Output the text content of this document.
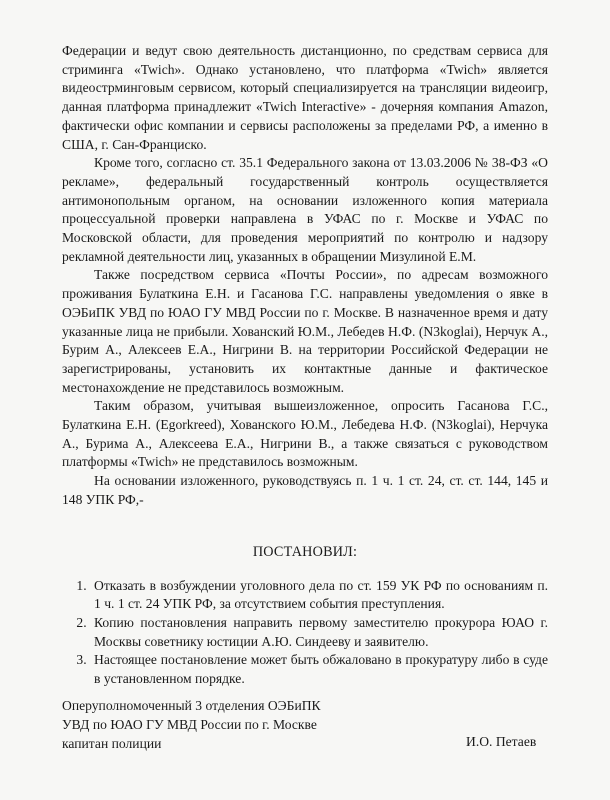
Федерации и ведут свою деятельность дистанционно, по средствам сервиса для стриминга «Twich». Однако установлено, что платформа «Twich» является видеострминговым сервисом, который специализируется на трансляции видеоигр, данная платформа принадлежит «Twich Interactive» - дочерняя компания Amazon, фактически офис компании и сервисы расположены за пределами РФ, а именно в США, г. Сан-Франциско.

Кроме того, согласно ст. 35.1 Федерального закона от 13.03.2006 № 38-ФЗ «О рекламе», федеральный государственный контроль осуществляется антимонопольным органом, на основании изложенного копия материала процессуальной проверки направлена в УФАС по г. Москве и УФАС по Московской области, для проведения мероприятий по контролю и надзору рекламной деятельности лиц, указанных в обращении Мизулиной Е.М.

Также посредством сервиса «Почты России», по адресам возможного проживания Булаткина Е.Н. и Гасанова Г.С. направлены уведомления о явке в ОЭБиПК УВД по ЮАО ГУ МВД России по г. Москве. В назначенное время и дату указанные лица не прибыли. Хованский Ю.М., Лебедев Н.Ф. (N3koglai), Нерчук А., Бурим А., Алексеев Е.А., Нигрини В. на территории Российской Федерации не зарегистрированы, установить их контактные данные и фактическое местонахождение не представилось возможным.

Таким образом, учитывая вышеизложенное, опросить Гасанова Г.С., Булаткина Е.Н. (Egorkreed), Хованского Ю.М., Лебедева Н.Ф. (N3koglai), Нерчука А., Бурима А., Алексеева Е.А., Нигрини В., а также связаться с руководством платформы «Twich» не представилось возможным.

На основании изложенного, руководствуясь п. 1 ч. 1 ст. 24, ст. ст. 144, 145 и 148 УПК РФ,-

ПОСТАНОВИЛ:
1. Отказать в возбуждении уголовного дела по ст. 159 УК РФ по основаниям п. 1 ч. 1 ст. 24 УПК РФ, за отсутствием события преступления.
2. Копию постановления направить первому заместителю прокурора ЮАО г. Москвы советнику юстиции А.Ю. Синдееву и заявителю.
3. Настоящее постановление может быть обжаловано в прокуратуру либо в суде в установленном порядке.
Оперуполномоченный 3 отделения ОЭБиПК
УВД по ЮАО ГУ МВД России по г. Москве
капитан полиции	И.О. Петаев
